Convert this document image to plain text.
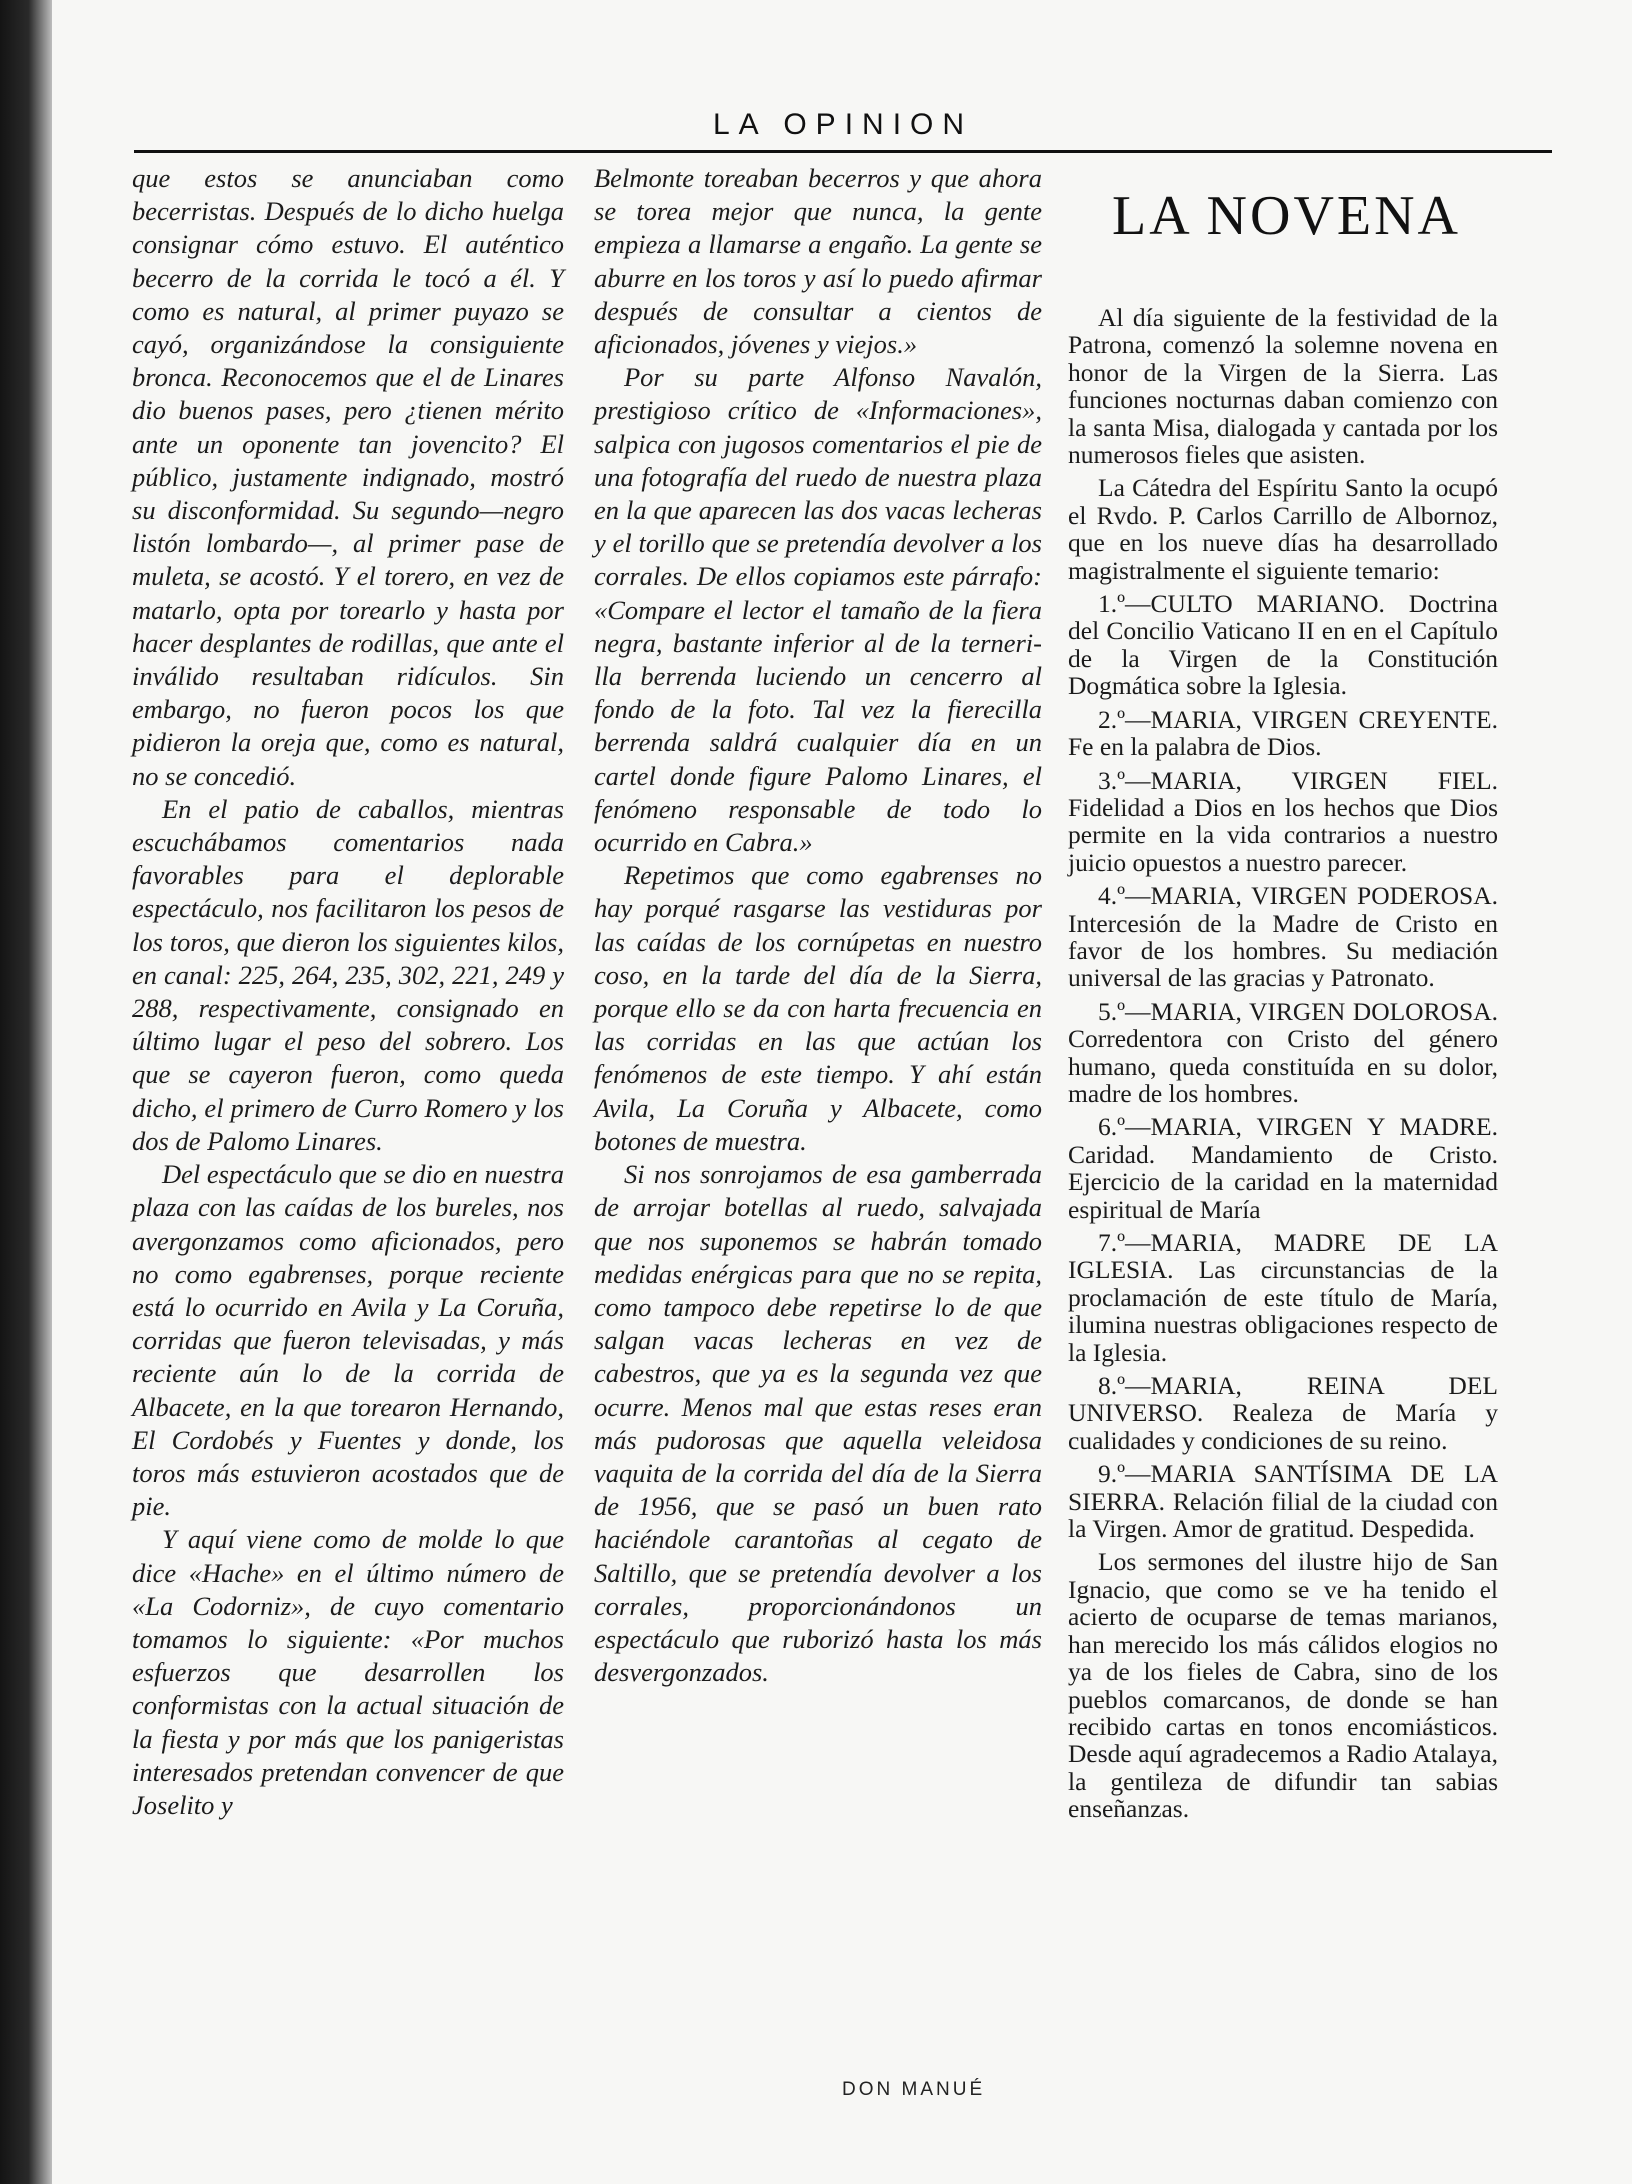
LA OPINION

que estos se anunciaban como becerristas. Después de lo dicho huelga consignar cómo estuvo. El auténtico becerro de la corrida le tocó a él. Y como es natural, al primer puyazo se cayó, organizándose la consiguiente bronca. Reconocemos que el de Linares dio buenos pases, pero ¿tienen mérito ante un oponente tan jovencito? El público, justamente indignado, mostró su disconformidad. Su segundo—negro listón lombardo—, al primer pase de muleta, se acostó. Y el torero, en vez de matarlo, opta por torearlo y hasta por hacer desplantes de rodillas, que ante el inválido resultaban ridículos. Sin embargo, no fueron pocos los que pidieron la oreja que, como es natural, no se concedió.

En el patio de caballos, mientras escuchábamos comentarios nada favorables para el deplorable espectáculo, nos facilitaron los pesos de los toros, que dieron los siguientes kilos, en canal: 225, 264, 235, 302, 221, 249 y 288, respectivamente, consignado en último lugar el peso del sobrero. Los que se cayeron fueron, como queda dicho, el primero de Curro Romero y los dos de Palomo Linares.

Del espectáculo que se dio en nuestra plaza con las caídas de los bureles, nos avergonzamos como aficionados, pero no como egabrenses, porque reciente está lo ocurrido en Avila y La Coruña, corridas que fueron televisadas, y más reciente aún lo de la corrida de Albacete, en la que torearon Hernando, El Cordobés y Fuentes y donde, los toros más estuvieron acostados que de pie.

Y aquí viene como de molde lo que dice «Hache» en el último número de «La Codorniz», de cuyo comentario tomamos lo siguiente: «Por muchos esfuerzos que desarrollen los conformistas con la actual situación de la fiesta y por más que los panigeristas interesados pretendan convencer de que Joselito y

Belmonte toreaban becerros y que ahora se torea mejor que nunca, la gente empieza a llamarse a engaño. La gente se aburre en los toros y así lo puedo afirmar después de consultar a cientos de aficionados, jóvenes y viejos.»

Por su parte Alfonso Navalón, prestigioso crítico de «Informaciones», salpica con jugosos comentarios el pie de una fotografía del ruedo de nuestra plaza en la que aparecen las dos vacas lecheras y el torillo que se pretendía devolver a los corrales. De ellos copiamos este párrafo: «Compare el lector el tamaño de la fiera negra, bastante inferior al de la terneri-lla berrenda luciendo un cencerro al fondo de la foto. Tal vez la fierecilla berrenda saldrá cualquier día en un cartel donde figure Palomo Linares, el fenómeno responsable de todo lo ocurrido en Cabra.»

Repetimos que como egabrenses no hay porqué rasgarse las vestiduras por las caídas de los cornúpetas en nuestro coso, en la tarde del día de la Sierra, porque ello se da con harta frecuencia en las corridas en las que actúan los fenómenos de este tiempo. Y ahí están Avila, La Coruña y Albacete, como botones de muestra.

Si nos sonrojamos de esa gamberrada de arrojar botellas al ruedo, salvajada que nos suponemos se habrán tomado medidas enérgicas para que no se repita, como tampoco debe repetirse lo de que salgan vacas lecheras en vez de cabestros, que ya es la segunda vez que ocurre. Menos mal que estas reses eran más pudorosas que aquella veleidosa vaquita de la corrida del día de la Sierra de 1956, que se pasó un buen rato haciéndole carantoñas al cegato de Saltillo, que se pretendía devolver a los corrales, proporcionándonos un espectáculo que ruborizó hasta los más desvergonzados.

DON MANUÉ
LA NOVENA

Al día siguiente de la festividad de la Patrona, comenzó la solemne novena en honor de la Virgen de la Sierra. Las funciones nocturnas daban comienzo con la santa Misa, dialogada y cantada por los numerosos fieles que asisten.

La Cátedra del Espíritu Santo la ocupó el Rvdo. P. Carlos Carrillo de Albornoz, que en los nueve días ha desarrollado magistralmente el siguiente temario:

1.º—CULTO MARIANO. Doctrina del Concilio Vaticano II en en el Capítulo de la Virgen de la Constitución Dogmática sobre la Iglesia.

2.º—MARIA, VIRGEN CREYENTE. Fe en la palabra de Dios.

3.º—MARIA, VIRGEN FIEL. Fidelidad a Dios en los hechos que Dios permite en la vida contrarios a nuestro juicio opuestos a nuestro parecer.

4.º—MARIA, VIRGEN PODEROSA. Intercesión de la Madre de Cristo en favor de los hombres. Su mediación universal de las gracias y Patronato.

5.º—MARIA, VIRGEN DOLOROSA. Corredentora con Cristo del género humano, queda constituída en su dolor, madre de los hombres.

6.º—MARIA, VIRGEN Y MADRE. Caridad. Mandamiento de Cristo. Ejercicio de la caridad en la maternidad espiritual de María

7.º—MARIA, MADRE DE LA IGLESIA. Las circunstancias de la proclamación de este título de María, ilumina nuestras obligaciones respecto de la Iglesia.

8.º—MARIA, REINA DEL UNIVERSO. Realeza de María y cualidades y condiciones de su reino.

9.º—MARIA SANTÍSIMA DE LA SIERRA. Relación filial de la ciudad con la Virgen. Amor de gratitud. Despedida.

Los sermones del ilustre hijo de San Ignacio, que como se ve ha tenido el acierto de ocuparse de temas marianos, han merecido los más cálidos elogios no ya de los fieles de Cabra, sino de los pueblos comarcanos, de donde se han recibido cartas en tonos encomiásticos. Desde aquí agradecemos a Radio Atalaya, la gentileza de difundir tan sabias enseñanzas.
